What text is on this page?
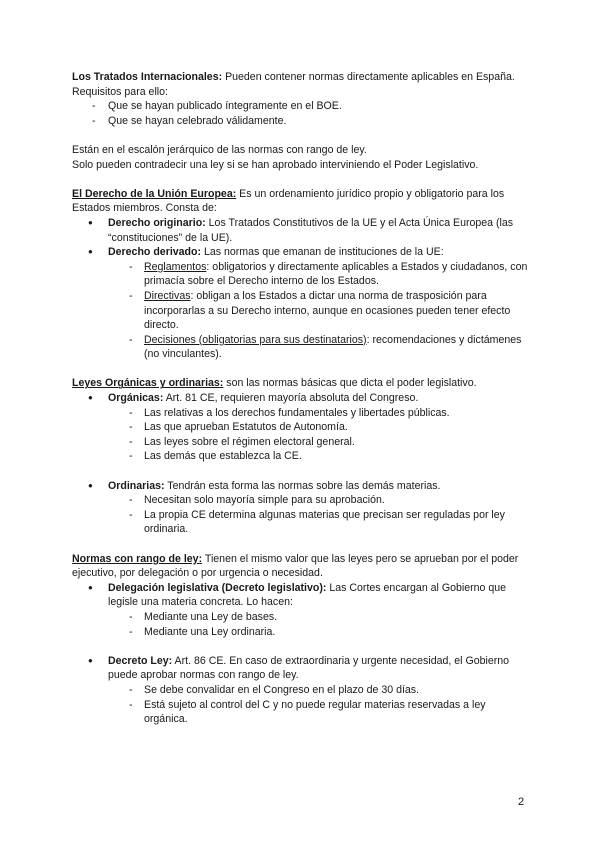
Los Tratados Internacionales: Pueden contener normas directamente aplicables en España. Requisitos para ello:

- Que se hayan publicado íntegramente en el BOE.
- Que se hayan celebrado válidamente.

Están en el escalón jerárquico de las normas con rango de ley.

Solo pueden contradecir una ley si se han aprobado interviniendo el Poder Legislativo.

El Derecho de la Unión Europea: Es un ordenamiento jurídico propio y obligatorio para los Estados miembros. Consta de:

● Derecho originario: Los Tratados Constitutivos de la UE y el Acta Única Europea (las “constituciones” de la UE).
● Derecho derivado: Las normas que emanan de instituciones de la UE:
- Reglamentos: obligatorios y directamente aplicables a Estados y ciudadanos, con primacía sobre el Derecho interno de los Estados.
- Directivas: obligan a los Estados a dictar una norma de trasposición para incorporarlas a su Derecho interno, aunque en ocasiones pueden tener efecto directo.
- Decisiones (obligatorias para sus destinatarios): recomendaciones y dictámenes (no vinculantes).

Leyes Orgánicas y ordinarias: son las normas básicas que dicta el poder legislativo.

● Orgánicas: Art. 81 CE, requieren mayoría absoluta del Congreso.
- Las relativas a los derechos fundamentales y libertades públicas.
- Las que aprueban Estatutos de Autonomía.
- Las leyes sobre el régimen electoral general.
- Las demás que establezca la CE.
● Ordinarias: Tendrán esta forma las normas sobre las demás materias.
- Necesitan solo mayoría simple para su aprobación.
- La propia CE determina algunas materias que precisan ser reguladas por ley ordinaria.

Normas con rango de ley: Tienen el mismo valor que las leyes pero se aprueban por el poder ejecutivo, por delegación o por urgencia o necesidad.

● Delegación legislativa (Decreto legislativo): Las Cortes encargan al Gobierno que legisle una materia concreta. Lo hacen:
- Mediante una Ley de bases.
- Mediante una Ley ordinaria.
● Decreto Ley: Art. 86 CE. En caso de extraordinaria y urgente necesidad, el Gobierno puede aprobar normas con rango de ley.
- Se debe convalidar en el Congreso en el plazo de 30 días.
- Está sujeto al control del C y no puede regular materias reservadas a ley orgánica.
2
